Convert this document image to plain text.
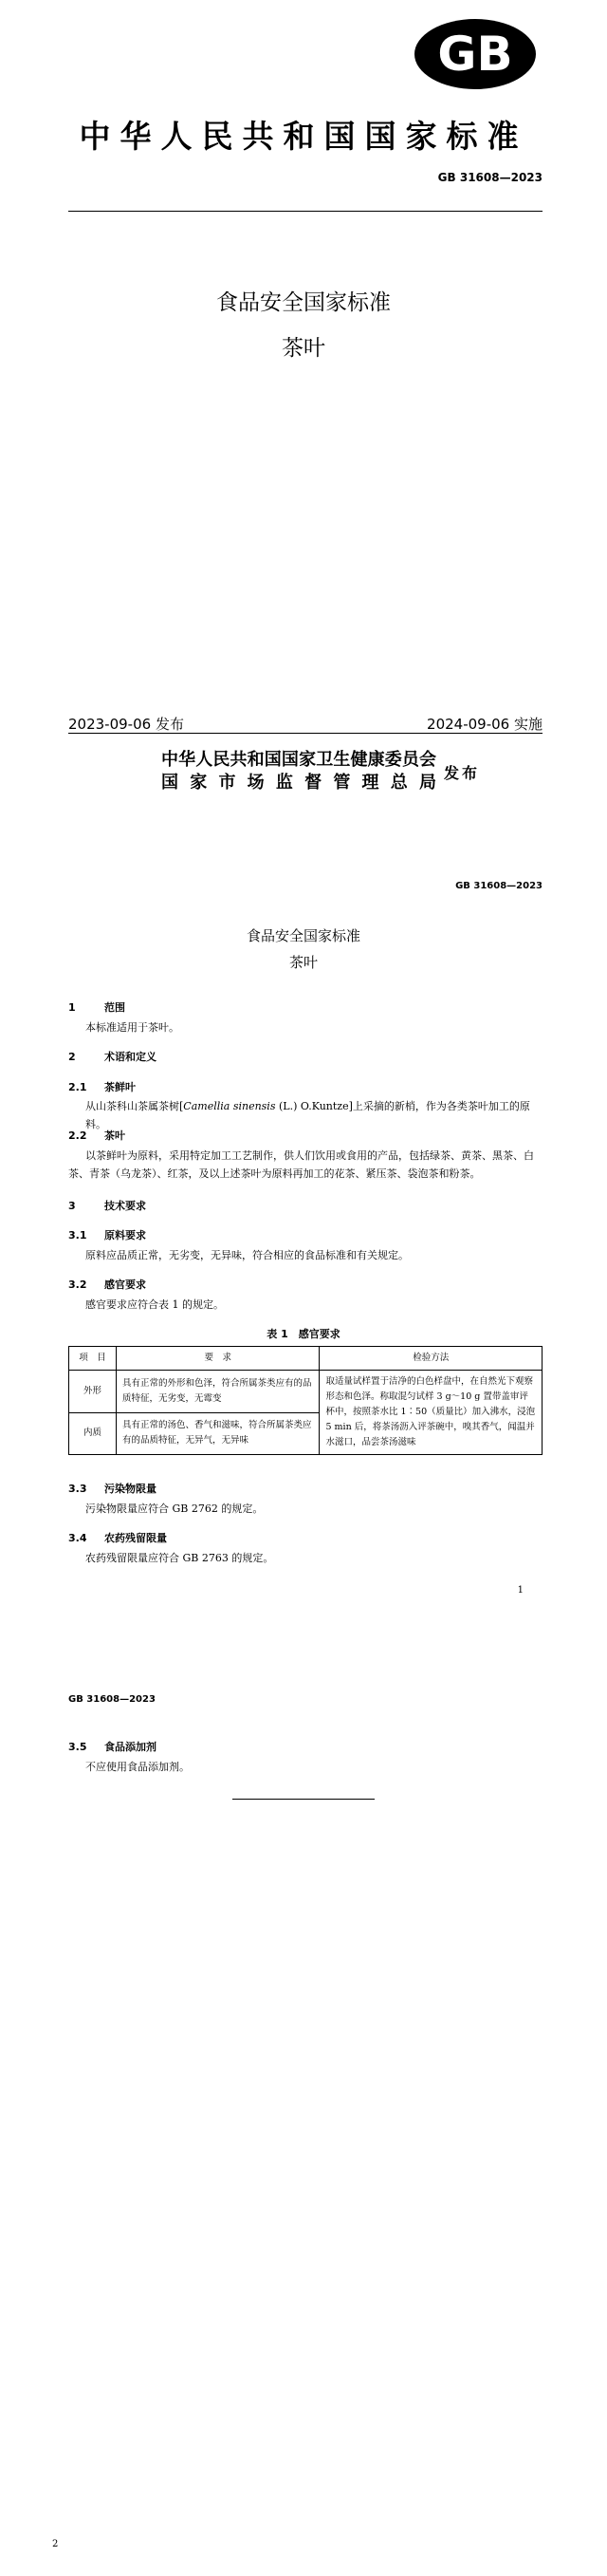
GB
中华人民共和国国家标准
GB 31608—2023
食品安全国家标准
茶叶
2023-09-06 发布	2024-09-06 实施
中华人民共和国国家卫生健康委员会
国家市场监督管理总局 发布
GB 31608—2023
食品安全国家标准
茶叶
1	范围
本标准适用于茶叶。
2	术语和定义
2.1 茶鲜叶
从山茶科山茶属茶树[Camellia sinensis (L.) O.Kuntze]上采摘的新梢，作为各类茶叶加工的原料。
2.2 茶叶
以茶鲜叶为原料，采用特定加工工艺制作，供人们饮用或食用的产品，包括绿茶、黄茶、黑茶、白茶、青茶（乌龙茶）、红茶，及以上述茶叶为原料再加工的花茶、紧压茶、袋泡茶和粉茶。
3	技术要求
3.1 原料要求
原料应品质正常，无劣变，无异味，符合相应的食品标准和有关规定。
3.2 感官要求
感官要求应符合表 1 的规定。
表 1　感官要求
项　目	要　求	检验方法
外形	具有正常的外形和色泽，符合所属茶类应有的品质特征，无劣变，无霉变	取适量试样置于洁净的白色样盘中，在自然光下观察形态和色泽。称取混匀试样 3 g～10 g 置带盖审评杯中，按照茶水比 1∶50（质量比）加入沸水，浸泡 5 min 后，将茶汤沥入评茶碗中，嗅其香气，闻温并水滋口，品尝茶汤滋味
内质	具有正常的汤色、香气和滋味，符合所属茶类应有的品质特征，无异气，无异味	
3.3 污染物限量
污染物限量应符合 GB 2762 的规定。
3.4 农药残留限量
农药残留限量应符合 GB 2763 的规定。
1
GB 31608—2023
3.5 食品添加剂
不应使用食品添加剂。
2
